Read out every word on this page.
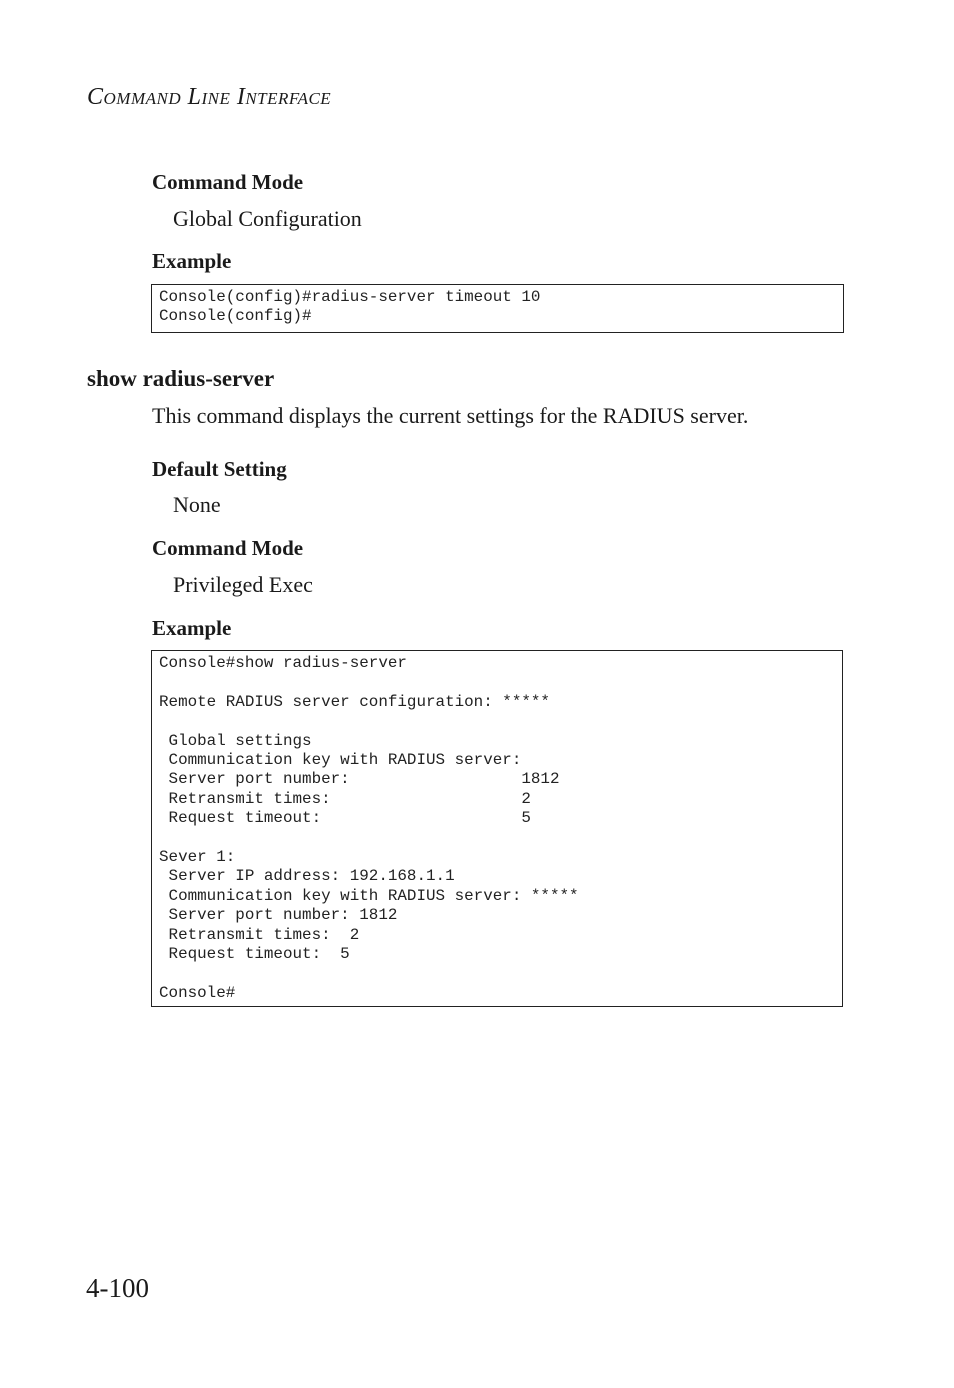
Command Line Interface
Command Mode
Global Configuration
Example
Console(config)#radius-server timeout 10
Console(config)#
show radius-server
This command displays the current settings for the RADIUS server.
Default Setting
None
Command Mode
Privileged Exec
Example
Console#show radius-server

Remote RADIUS server configuration: *****

Global settings
Communication key with RADIUS server:
Server port number:                  1812
Retransmit times:                    2
Request timeout:                     5

Sever 1:
Server IP address: 192.168.1.1
Communication key with RADIUS server: *****
Server port number: 1812
Retransmit times:  2
Request timeout:  5

Console#
4-100
